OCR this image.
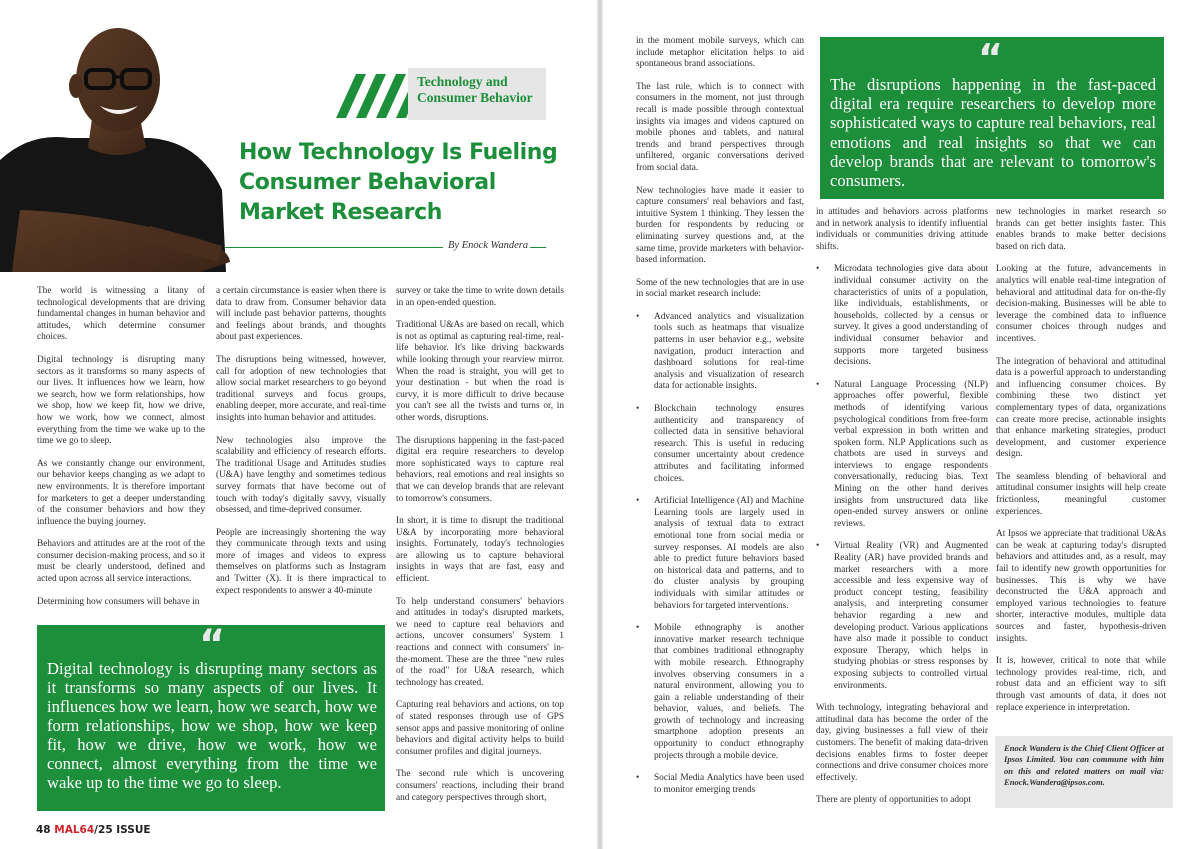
Technology and
Consumer Behavior
How Technology Is Fueling
Consumer Behavioral
Market Research
By Enock Wandera

The world is witnessing a litany of technological developments that are driving fundamental changes in human behavior and attitudes, which determine consumer choices.

Digital technology is disrupting many sectors as it transforms so many aspects of our lives. It influences how we learn, how we search, how we form relationships, how we shop, how we keep fit, how we drive, how we work, how we connect, almost everything from the time we wake up to the time we go to sleep.

As we constantly change our environment, our behavior keeps changing as we adapt to new environments. It is therefore important for marketers to get a deeper understanding of the consumer behaviors and how they influence the buying journey.

Behaviors and attitudes are at the root of the consumer decision-making process, and so it must be clearly understood, defined and acted upon across all service interactions.

Determining how consumers will behave in

a certain circumstance is easier when there is data to draw from. Consumer behavior data will include past behavior patterns, thoughts and feelings about brands, and thoughts about past experiences.

The disruptions being witnessed, however, call for adoption of new technologies that allow social market researchers to go beyond traditional surveys and focus groups, enabling deeper, more accurate, and real-time insights into human behavior and attitudes.

New technologies also improve the scalability and efficiency of research efforts. The traditional Usage and Attitudes studies (U&A) have lengthy and sometimes tedious survey formats that have become out of touch with today's digitally savvy, visually obsessed, and time-deprived consumer.

People are increasingly shortening the way they communicate through texts and using more of images and videos to express themselves on platforms such as Instagram and Twitter (X). It is there impractical to expect respondents to answer a 40-minute

survey or take the time to write down details in an open-ended question.

Traditional U&As are based on recall, which is not as optimal as capturing real-time, real-life behavior. It's like driving backwards while looking through your rearview mirror. When the road is straight, you will get to your destination - but when the road is curvy, it is more difficult to drive because you can't see all the twists and turns or, in other words, disruptions.

The disruptions happening in the fast-paced digital era require researchers to develop more sophisticated ways to capture real behaviors, real emotions and real insights so that we can develop brands that are relevant to tomorrow's consumers.

In short, it is time to disrupt the traditional U&A by incorporating more behavioral insights. Fortunately, today's technologies are allowing us to capture behavioral insights in ways that are fast, easy and efficient.

To help understand consumers' behaviors and attitudes in today's disrupted markets, we need to capture real behaviors and actions, uncover consumers' System 1 reactions and connect with consumers' in-the-moment. These are the three "new rules of the road" for U&A research, which technology has created.

Capturing real behaviors and actions, on top of stated responses through use of GPS sensor apps and passive monitoring of online behaviors and digital activity helps to build consumer profiles and digital journeys.

The second rule which is uncovering consumers' reactions, including their brand and category perspectives through short,

“
Digital technology is disrupting many sectors as it transforms so many aspects of our lives. It influences how we learn, how we search, how we form relationships, how we shop, how we keep fit, how we drive, how we work, how we connect, almost everything from the time we wake up to the time we go to sleep.
48 MAL64/25 ISSUE

in the moment mobile surveys, which can include metaphor elicitation helps to aid spontaneous brand associations.

The last rule, which is to connect with consumers in the moment, not just through recall is made possible through contextual insights via images and videos captured on mobile phones and tablets, and natural trends and brand perspectives through unfiltered, organic conversations derived from social data.

New technologies have made it easier to capture consumers' real behaviors and fast, intuitive System 1 thinking. They lessen the burden for respondents by reducing or eliminating survey questions and, at the same time, provide marketers with behavior-based information.

Some of the new technologies that are in use in social market research include:

• Advanced analytics and visualization tools such as heatmaps that visualize patterns in user behavior e.g., website navigation, product interaction and dashboard solutions for real-time analysis and visualization of research data for actionable insights.
• Blockchain technology ensures authenticity and transparency of collected data in sensitive behavioral research. This is useful in reducing consumer uncertainty about credence attributes and facilitating informed choices.
• Artificial Intelligence (AI) and Machine Learning tools are largely used in analysis of textual data to extract emotional tone from social media or survey responses. AI models are also able to predict future behaviors based on historical data and patterns, and to do cluster analysis by grouping individuals with similar attitudes or behaviors for targeted interventions.
• Mobile ethnography is another innovative market research technique that combines traditional ethnography with mobile research. Ethnography involves observing consumers in a natural environment, allowing you to gain a reliable understanding of their behavior, values, and beliefs. The growth of technology and increasing smartphone adoption presents an opportunity to conduct ethnography projects through a mobile device.
• Social Media Analytics have been used to monitor emerging trends
“
The disruptions happening in the fast-paced digital era require researchers to develop more sophisticated ways to capture real behaviors, real emotions and real insights so that we can develop brands that are relevant to tomorrow's consumers.

in attitudes and behaviors across platforms and in network analysis to identify influential individuals or communities driving attitude shifts.

• Microdata technologies give data about individual consumer activity on the characteristics of units of a population, like individuals, establishments, or households, collected by a census or survey. It gives a good understanding of individual consumer behavior and supports more targeted business decisions.
• Natural Language Processing (NLP) approaches offer powerful, flexible methods of identifying various psychological conditions from free-form verbal expression in both written and spoken form. NLP Applications such as chatbots are used in surveys and interviews to engage respondents conversationally, reducing bias. Text Mining on the other hand derives insights from unstructured data like open-ended survey answers or online reviews.
• Virtual Reality (VR) and Augmented Reality (AR) have provided brands and market researchers with a more accessible and less expensive way of product concept testing, feasibility analysis, and interpreting consumer behavior regarding a new and developing product. Various applications have also made it possible to conduct exposure Therapy, which helps in studying phobias or stress responses by exposing subjects to controlled virtual environments.

With technology, integrating behavioral and attitudinal data has become the order of the day, giving businesses a full view of their customers. The benefit of making data-driven decisions enables firms to foster deeper connections and drive consumer choices more effectively.

There are plenty of opportunities to adopt

new technologies in market research so brands can get better insights faster. This enables brands to make better decisions based on rich data.

Looking at the future, advancements in analytics will enable real-time integration of behavioral and attitudinal data for on-the-fly decision-making. Businesses will be able to leverage the combined data to influence consumer choices through nudges and incentives.

The integration of behavioral and attitudinal data is a powerful approach to understanding and influencing consumer choices. By combining these two distinct yet complementary types of data, organizations can create more precise, actionable insights that enhance marketing strategies, product development, and customer experience design.

The seamless blending of behavioral and attitudinal consumer insights will help create frictionless, meaningful customer experiences.

At Ipsos we appreciate that traditional U&As can be weak at capturing today's disrupted behaviors and attitudes and, as a result, may fail to identify new growth opportunities for businesses. This is why we have deconstructed the U&A approach and employed various technologies to feature shorter, interactive modules, multiple data sources and faster, hypothesis-driven insights.

It is, however, critical to note that while technology provides real-time, rich, and robust data and an efficient way to sift through vast amounts of data, it does not replace experience in interpretation.

Enock Wandera is the Chief Client Officer at Ipsos Limited. You can commune with him on this and related matters on mail via: Enock.Wandera@ipsos.com.
